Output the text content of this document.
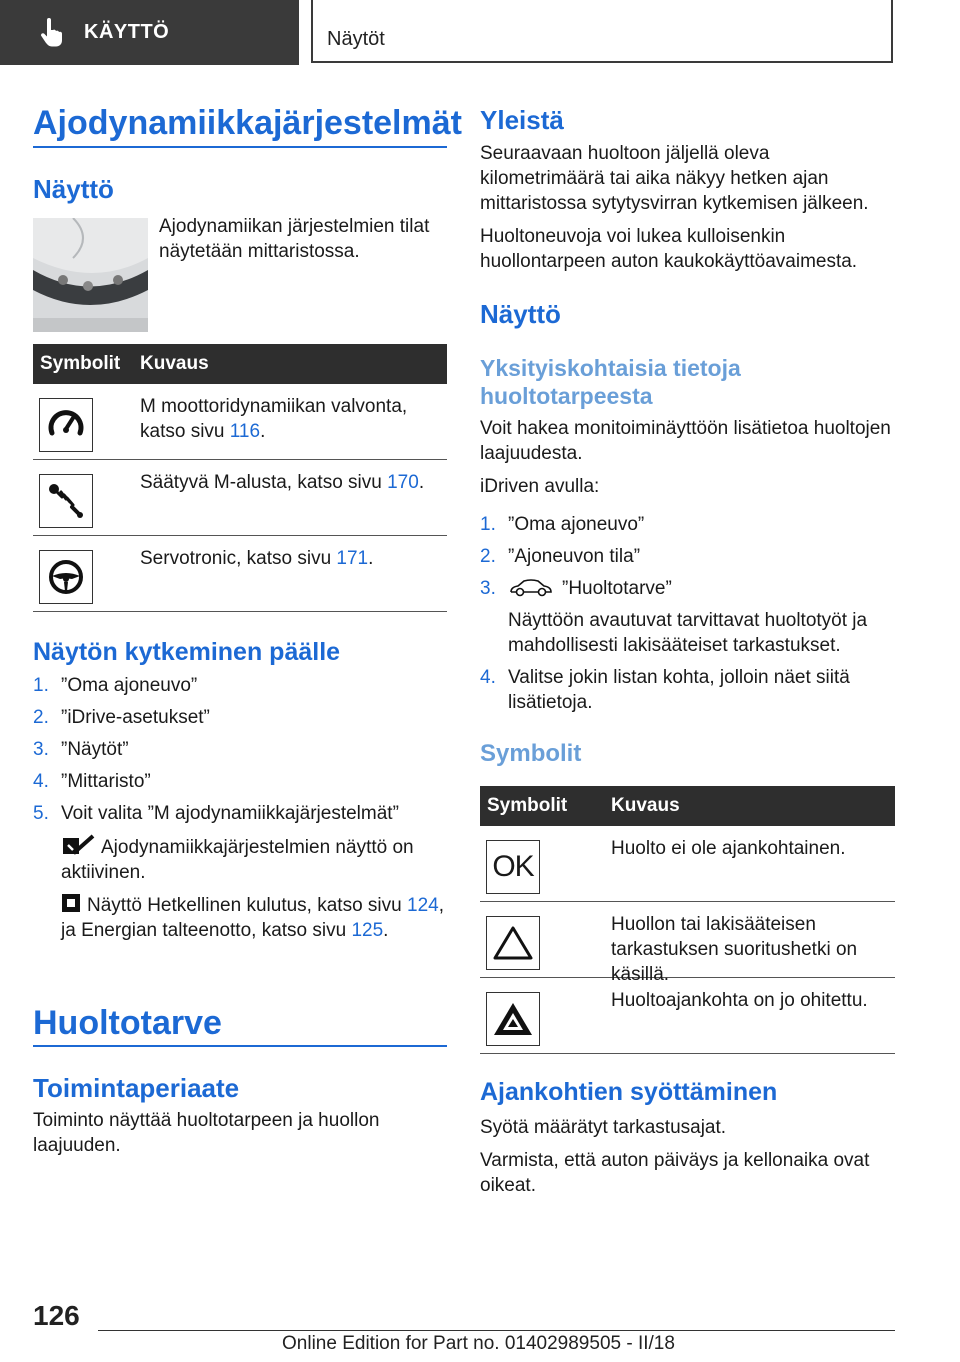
KÄYTTÖ	Näytöt
Ajodynamiikkajärjestelmät
Näyttö

Ajodynamiikan järjestelmien tilat näytetään mittaristossa.

Symbolit Kuvaus
M moottoridynamiikan valvonta, katso sivu 116.
Säätyvä M-alusta, katso sivu 170.
Servotronic, katso sivu 171.
Näytön kytkeminen päälle
1. ”Oma ajoneuvo”
2. ”iDrive-asetukset”
3. ”Näytöt”
4. ”Mittaristo”
5. Voit valita ”M ajodynamiikkajärjestelmät”
Ajodynamiikkajärjestelmien näyttö on aktiivinen.
Näyttö Hetkellinen kulutus, katso sivu 124, ja Energian talteenotto, katso sivu 125.
Huoltotarve
Toimintaperiaate

Toiminto näyttää huoltotarpeen ja huollon laajuuden.

Yleistä

Seuraavaan huoltoon jäljellä oleva kilometrimäärä tai aika näkyy hetken ajan mittaristossa sytytysvirran kytkemisen jälkeen.

Huoltoneuvoja voi lukea kulloisenkin huollontarpeen auton kaukokäyttöavaimesta.

Näyttö
Yksityiskohtaisia tietoja huoltotarpeesta

Voit hakea monitoiminäyttöön lisätietoa huoltojen laajuudesta.

iDriven avulla:

1. ”Oma ajoneuvo”
2. ”Ajoneuvon tila”
3.	”Huoltotarve”
Näyttöön avautuvat tarvittavat huoltotyöt ja mahdollisesti lakisääteiset tarkastukset.
4. Valitse jokin listan kohta, jolloin näet siitä lisätietoja.
Symbolit
Symbolit Kuvaus
OK
Huolto ei ole ajankohtainen.
Huollon tai lakisääteisen tarkastuksen suoritushetki on käsillä.
Huoltoajankohta on jo ohitettu.
Ajankohtien syöttäminen

Syötä määrätyt tarkastusajat.

Varmista, että auton päiväys ja kellonaika ovat oikeat.

126
Online Edition for Part no. 01402989505 - II/18
